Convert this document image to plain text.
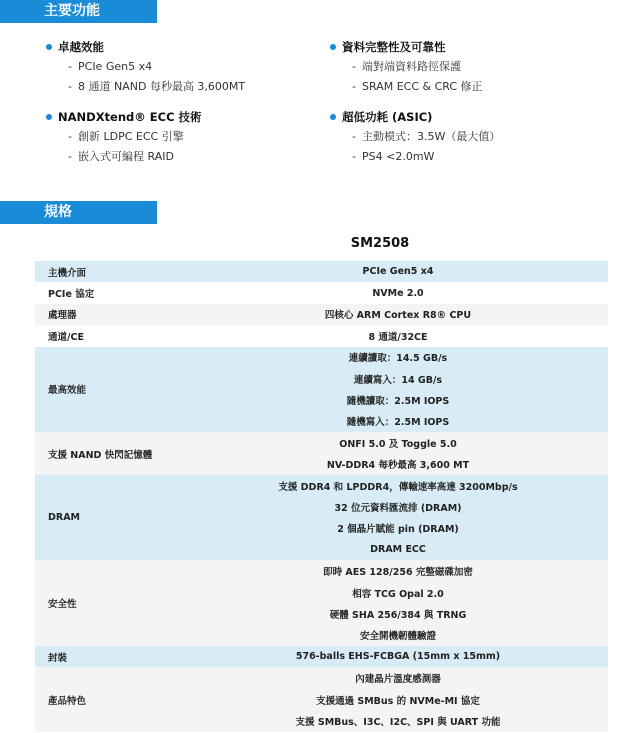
主要功能
卓越效能
- PCIe Gen5 x4
- 8 通道 NAND 每秒最高 3,600MT
NANDXtend® ECC 技術
- 創新 LDPC ECC 引擎
- 嵌入式可編程 RAID
資料完整性及可靠性
- 端對端資料路徑保護
- SRAM ECC & CRC 修正
超低功耗 (ASIC)
- 主動模式：3.5W（最大值）
- PS4 <2.0mW
規格
SM2508
主機介面	PCIe Gen5 x4
PCIe 協定	NVMe 2.0
處理器	四核心 ARM Cortex R8® CPU
通道/CE	8 通道/32CE
最高效能	連續讀取：14.5 GB/s
	連續寫入：14 GB/s
	隨機讀取：2.5M IOPS
	隨機寫入：2.5M IOPS
支援 NAND 快閃記憶體	ONFI 5.0 及 Toggle 5.0
	NV-DDR4 每秒最高 3,600 MT
DRAM	支援 DDR4 和 LPDDR4，傳輸速率高達 3200Mbp/s
	32 位元資料匯流排 (DRAM)
	2 個晶片賦能 pin (DRAM)
	DRAM ECC
安全性	即時 AES 128/256 完整磁碟加密
	相容 TCG Opal 2.0
	硬體 SHA 256/384 與 TRNG
	安全開機韌體驗證
封裝	576-balls EHS-FCBGA (15mm x 15mm)
產品特色	內建晶片溫度感測器
	支援通過 SMBus 的 NVMe-MI 協定
	支援 SMBus、I3C、I2C、SPI 與 UART 功能
